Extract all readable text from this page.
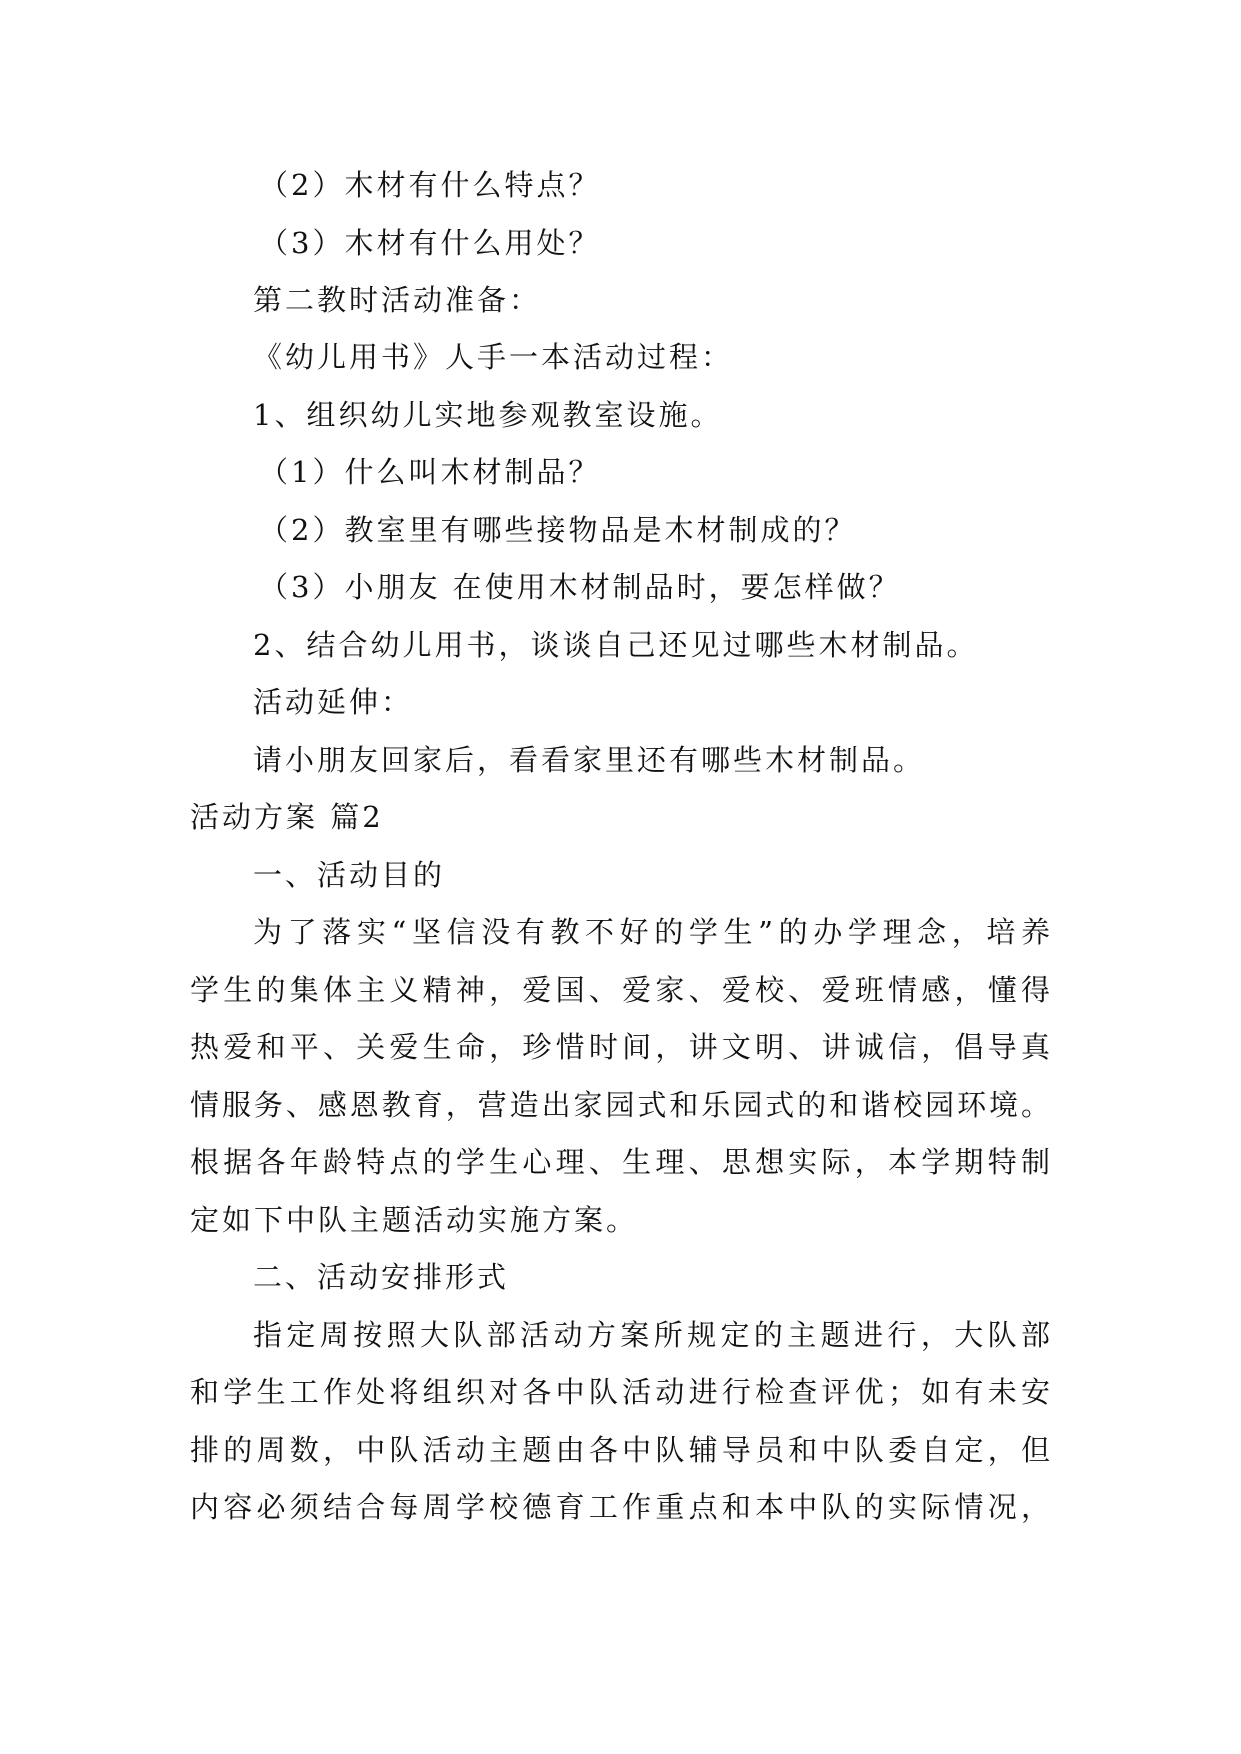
（2）木材有什么特点？
（3）木材有什么用处？
第二教时活动准备：
《幼儿用书》人手一本活动过程：
1、组织幼儿实地参观教室设施。
（1）什么叫木材制品？
（2）教室里有哪些接物品是木材制成的？
（3）小朋友 在使用木材制品时，要怎样做？
2、结合幼儿用书，谈谈自己还见过哪些木材制品。
活动延伸：
请小朋友回家后，看看家里还有哪些木材制品。
活动方案 篇2
一、活动目的
为了落实“坚信没有教不好的学生”的办学理念，培养
学生的集体主义精神，爱国、爱家、爱校、爱班情感，懂得
热爱和平、关爱生命，珍惜时间，讲文明、讲诚信，倡导真
情服务、感恩教育，营造出家园式和乐园式的和谐校园环境。
根据各年龄特点的学生心理、生理、思想实际，本学期特制
定如下中队主题活动实施方案。
二、活动安排形式
指定周按照大队部活动方案所规定的主题进行，大队部
和学生工作处将组织对各中队活动进行检查评优；如有未安
排的周数，中队活动主题由各中队辅导员和中队委自定，但
内容必须结合每周学校德育工作重点和本中队的实际情况，
